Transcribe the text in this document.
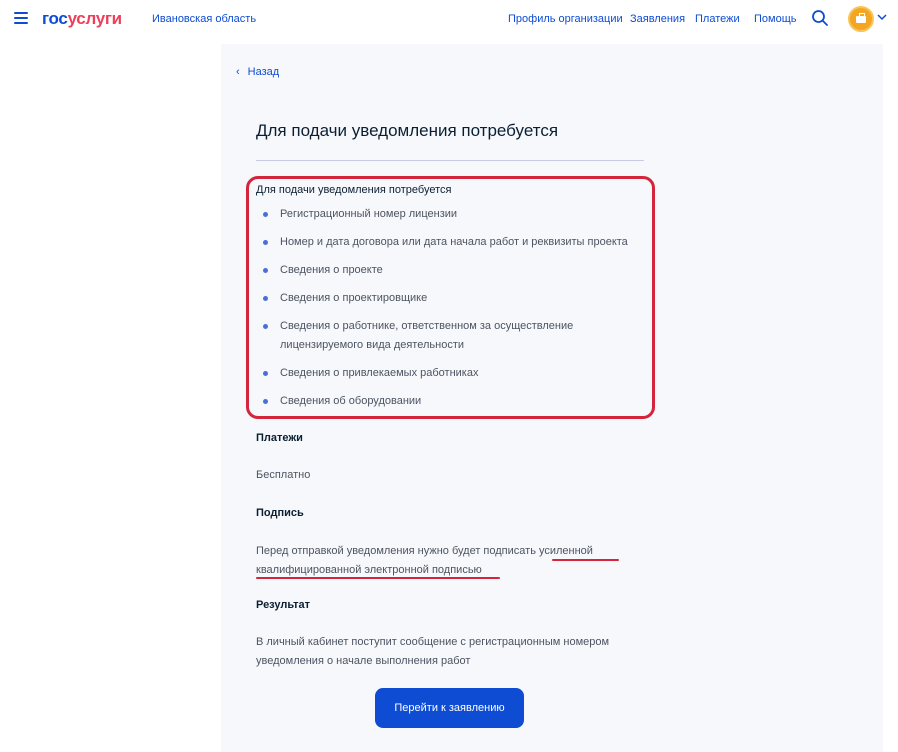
госуслуги	Ивановская область	Профиль организации Заявления Платежи Помощь
‹ Назад
Для подачи уведомления потребуется
Для подачи уведомления потребуется
Регистрационный номер лицензии
Номер и дата договора или дата начала работ и реквизиты проекта
Сведения о проекте
Сведения о проектировщике
Сведения о работнике, ответственном за осуществление лицензируемого вида деятельности
Сведения о привлекаемых работниках
Сведения об оборудовании
Платежи
Бесплатно
Подпись
Перед отправкой уведомления нужно будет подписать усиленной квалифицированной электронной подписью
Результат
В личный кабинет поступит сообщение с регистрационным номером уведомления о начале выполнения работ
Перейти к заявлению
